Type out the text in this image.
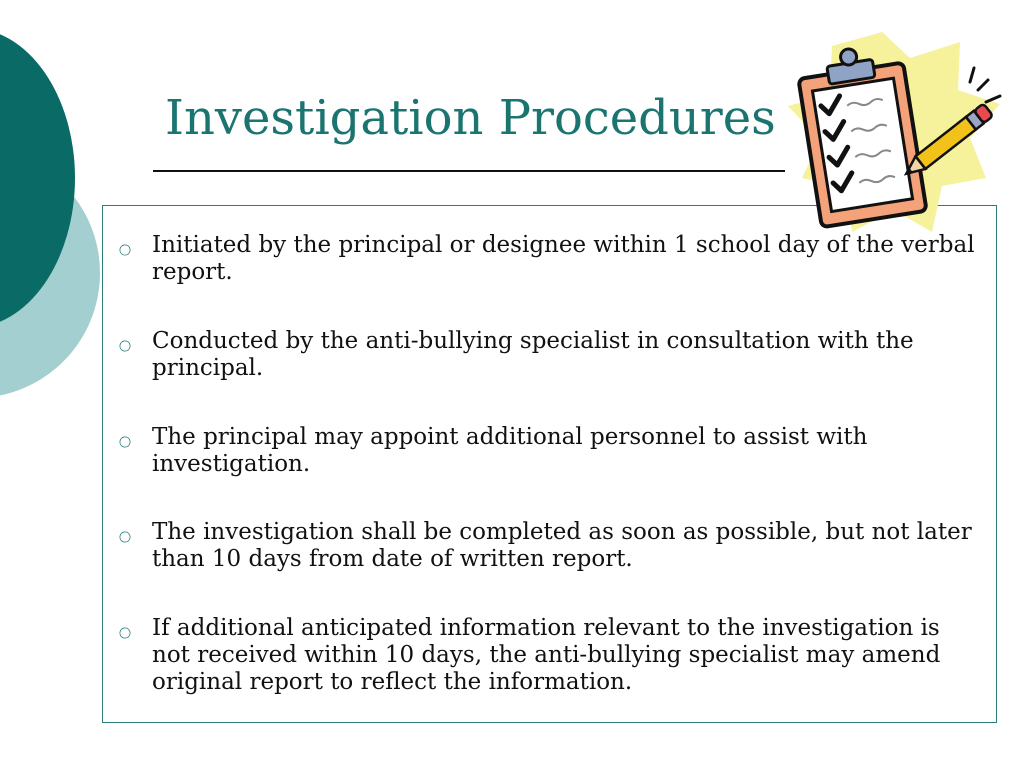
Investigation Procedures
Initiated by the principal or designee within 1 school day of the verbal report.
Conducted by the anti-bullying specialist in consultation with the principal.
The principal may appoint additional personnel to assist with investigation.
The investigation shall be completed as soon as possible, but not later than 10 days from date of written report.
If additional anticipated information relevant to the investigation is not received within 10 days, the anti-bullying specialist may amend original report to reflect the information.
